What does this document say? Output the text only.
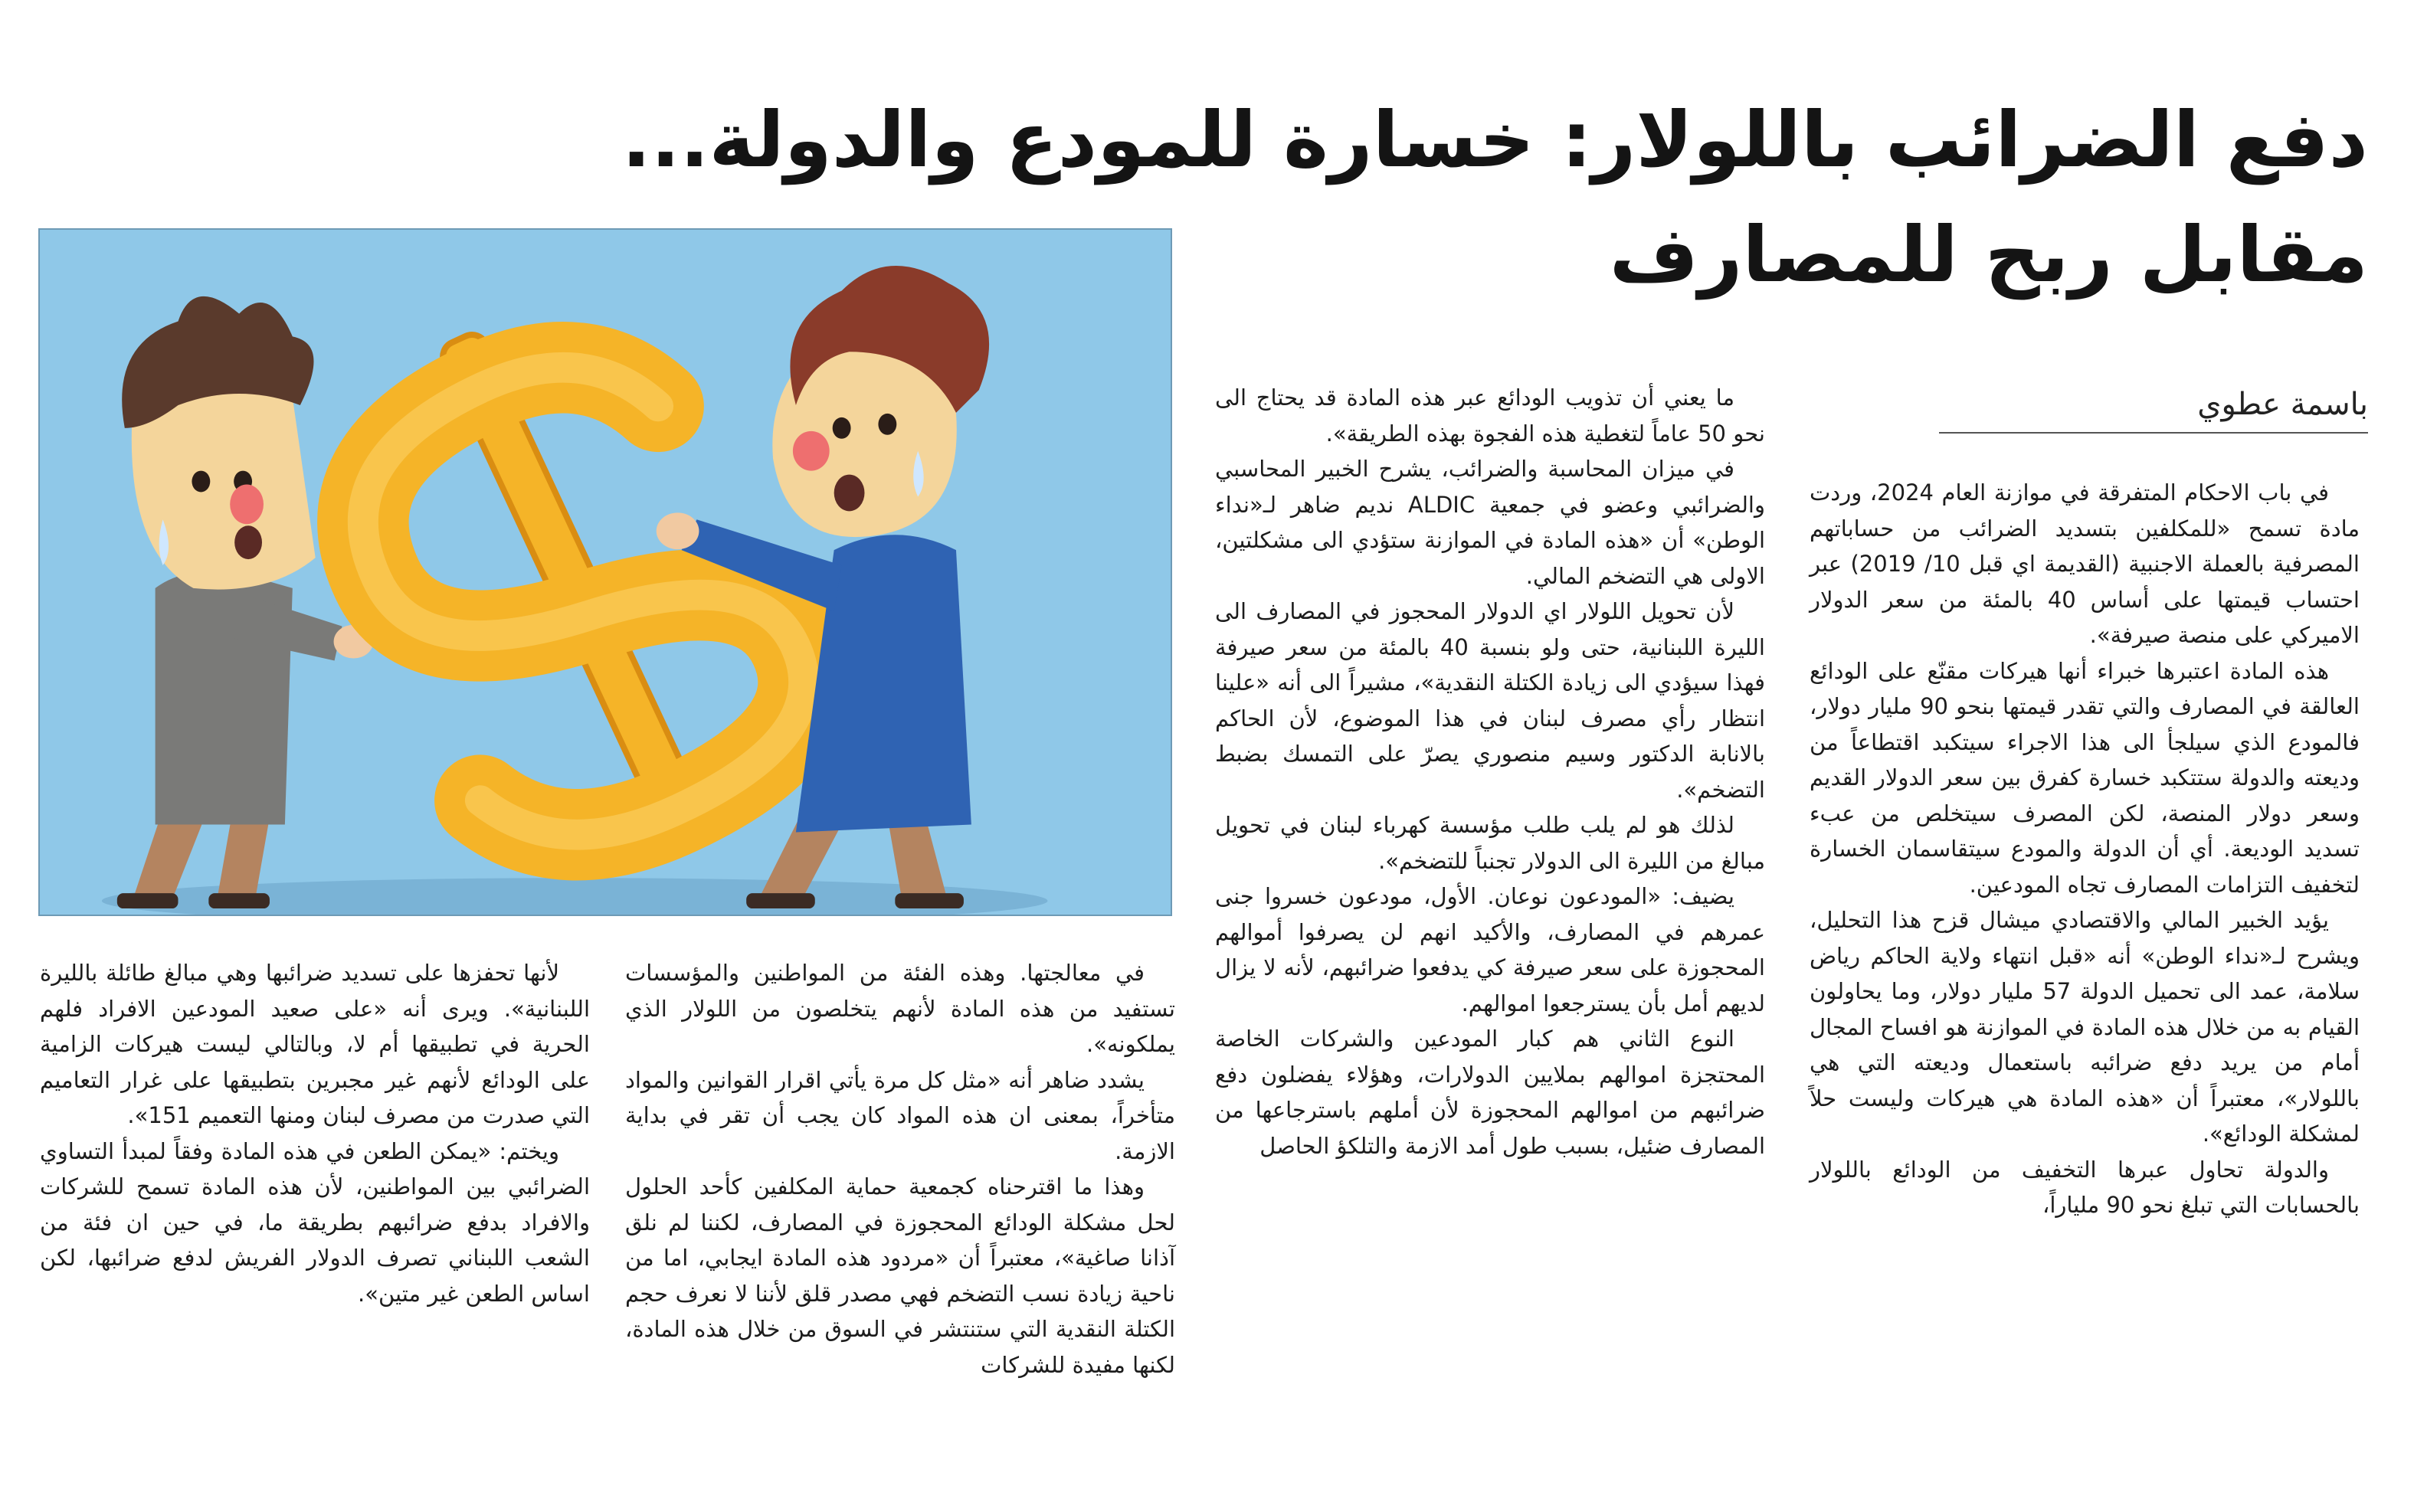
دفع الضرائب باللولار: خسارة للمودع والدولة...
مقابل ربح للمصارف
باسمة عطوي

في باب الاحكام المتفرقة في موازنة العام 2024، وردت مادة تسمح «للمكلفين بتسديد الضرائب من حساباتهم المصرفية بالعملة الاجنبية (القديمة اي قبل 10/ 2019) عبر احتساب قيمتها على أساس 40 بالمئة من سعر الدولار الاميركي على منصة صيرفة».

هذه المادة اعتبرها خبراء أنها هيركات مقنّع على الودائع العالقة في المصارف والتي تقدر قيمتها بنحو 90 مليار دولار، فالمودع الذي سيلجأ الى هذا الاجراء سيتكبد اقتطاعاً من وديعته والدولة ستتكبد خسارة كفرق بين سعر الدولار القديم وسعر دولار المنصة، لكن المصرف سيتخلص من عبء تسديد الوديعة. أي أن الدولة والمودع سيتقاسمان الخسارة لتخفيف التزامات المصارف تجاه المودعين.

يؤيد الخبير المالي والاقتصادي ميشال قزح هذا التحليل، ويشرح لـ«نداء الوطن» أنه «قبل انتهاء ولاية الحاكم رياض سلامة، عمد الى تحميل الدولة 57 مليار دولار، وما يحاولون القيام به من خلال هذه المادة في الموازنة هو افساح المجال أمام من يريد دفع ضرائبه باستعمال وديعته التي هي باللولار»، معتبراً أن «هذه المادة هي هيركات وليست حلاً لمشكلة الودائع».

والدولة تحاول عبرها التخفيف من الودائع باللولار بالحسابات التي تبلغ نحو 90 ملياراً،

ما يعني أن تذويب الودائع عبر هذه المادة قد يحتاج الى نحو 50 عاماً لتغطية هذه الفجوة بهذه الطريقة».

في ميزان المحاسبة والضرائب، يشرح الخبير المحاسبي والضرائبي وعضو في جمعية ALDIC نديم ضاهر لـ«نداء الوطن» أن «هذه المادة في الموازنة ستؤدي الى مشكلتين، الاولى هي التضخم المالي.

لأن تحويل اللولار اي الدولار المحجوز في المصارف الى الليرة اللبنانية، حتى ولو بنسبة 40 بالمئة من سعر صيرفة فهذا سيؤدي الى زيادة الكتلة النقدية»، مشيراً الى أنه «علينا انتظار رأي مصرف لبنان في هذا الموضوع، لأن الحاكم بالانابة الدكتور وسيم منصوري يصرّ على التمسك بضبط التضخم».

لذلك هو لم يلب طلب مؤسسة كهرباء لبنان في تحويل مبالغ من الليرة الى الدولار تجنباً للتضخم».

يضيف: «المودعون نوعان. الأول، مودعون خسروا جنى عمرهم في المصارف، والأكيد انهم لن يصرفوا أموالهم المحجوزة على سعر صيرفة كي يدفعوا ضرائبهم، لأنه لا يزال لديهم أمل بأن يسترجعوا اموالهم.

النوع الثاني هم كبار المودعين والشركات الخاصة المحتجزة اموالهم بملايين الدولارات، وهؤلاء يفضلون دفع ضرائبهم من اموالهم المحجوزة لأن أملهم باسترجاعها من المصارف ضئيل، بسبب طول أمد الازمة والتلكؤ الحاصل

في معالجتها. وهذه الفئة من المواطنين والمؤسسات تستفيد من هذه المادة لأنهم يتخلصون من اللولار الذي يملكونه».

يشدد ضاهر أنه «مثل كل مرة يأتي اقرار القوانين والمواد متأخراً، بمعنى ان هذه المواد كان يجب أن تقر في بداية الازمة.

وهذا ما اقترحناه كجمعية حماية المكلفين كأحد الحلول لحل مشكلة الودائع المحجوزة في المصارف، لكننا لم نلق آذانا صاغية»، معتبراً أن «مردود هذه المادة ايجابي، اما من ناحية زيادة نسب التضخم فهي مصدر قلق لأننا لا نعرف حجم الكتلة النقدية التي ستنتشر في السوق من خلال هذه المادة، لكنها مفيدة للشركات

لأنها تحفزها على تسديد ضرائبها وهي مبالغ طائلة بالليرة اللبنانية». ويرى أنه «على صعيد المودعين الافراد فلهم الحرية في تطبيقها أم لا، وبالتالي ليست هيركات الزامية على الودائع لأنهم غير مجبرين بتطبيقها على غرار التعاميم التي صدرت من مصرف لبنان ومنها التعميم 151».

ويختم: «يمكن الطعن في هذه المادة وفقاً لمبدأ التساوي الضرائبي بين المواطنين، لأن هذه المادة تسمح للشركات والافراد بدفع ضرائبهم بطريقة ما، في حين ان فئة من الشعب اللبناني تصرف الدولار الفريش لدفع ضرائبها، لكن اساس الطعن غير متين».
